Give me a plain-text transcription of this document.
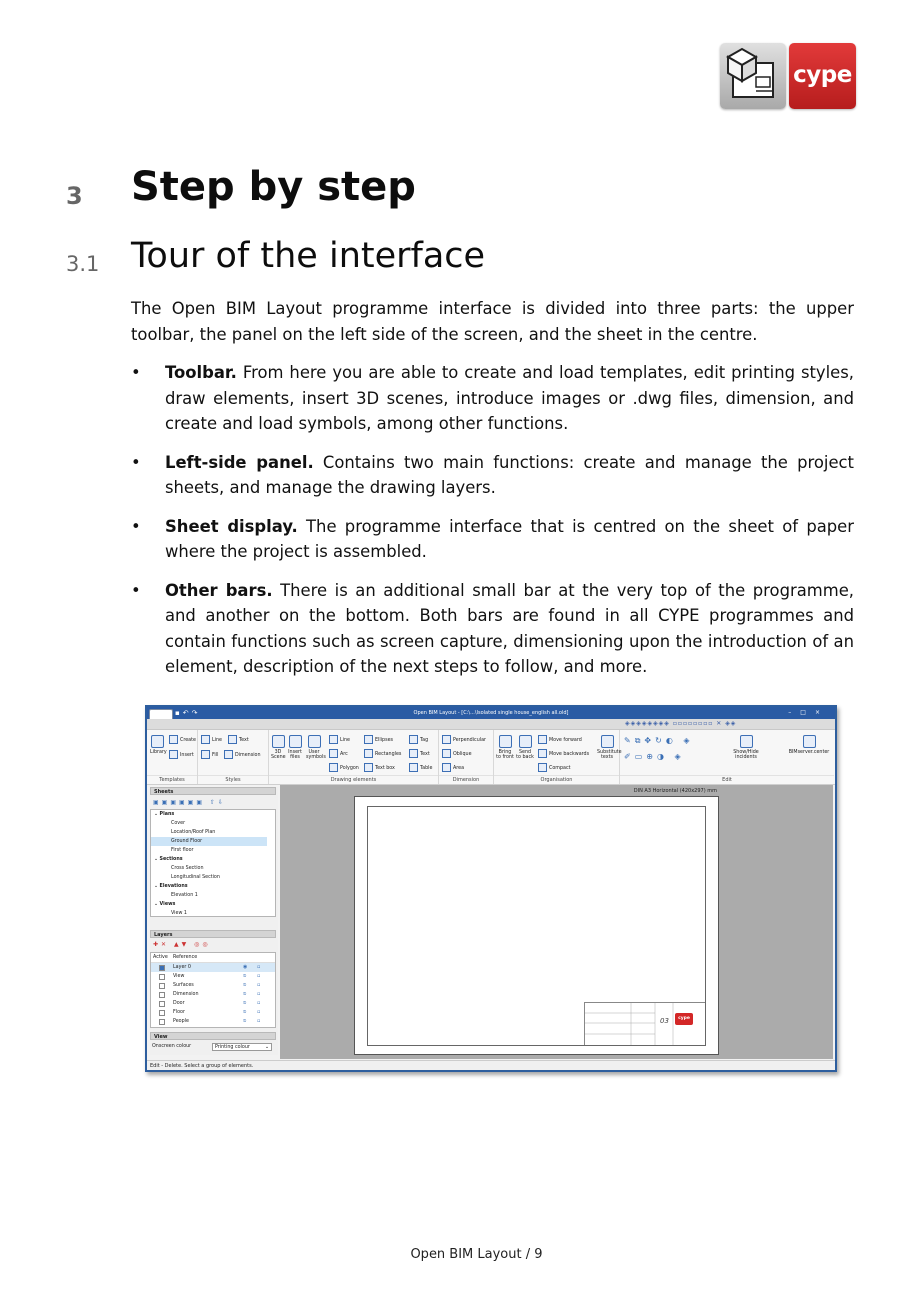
cype
3 Step by step
3.1 Tour of the interface

The Open BIM Layout programme interface is divided into three parts: the upper toolbar, the panel on the left side of the screen, and the sheet in the centre.

• Toolbar. From here you are able to create and load templates, edit printing styles, draw elements, insert 3D scenes, introduce images or .dwg files, dimension, and create and load symbols, among other functions.
• Left-side panel. Contains two main functions: create and manage the project sheets, and manage the drawing layers.
• Sheet display. The programme interface that is centred on the sheet of paper where the project is assembled.
• Other bars. There is an additional small bar at the very top of the programme, and another on the bottom. Both bars are found in all CYPE programmes and contain functions such as screen capture, dimensioning upon the introduction of an element, description of the next steps to follow, and more.
Open BIM Layout - [C:\...\Isolated single house_english all.old]
▪↶↷	–□×
◈◈◈◈◈◈◈◈ ▫▫▫▫▫▫▫▫ ✕ ◈◈
Library
Create
Insert
Templates
Line	Text
Fill	Dimension
Styles
3D Scene
Insert files
User symbols
Line
Arc
Polygon
Ellipses
Rectangles
Text box
Tag
Text
Table
Drawing elements
Perpendicular
Oblique
Area
Dimension
Bring to front
Send to back
Move forward
Move backwards
Compact
Substitute texts
Organisation
✎⧉✥↻◐ ◈
✐▭⊕◑ ◈	Show/Hide incidents
BIMserver.center
Edit
Sheets
▣▣▣▣▣▣ ⇧⇩
⌄ Plans
Cover
Location/Roof Plan
Ground Floor
First floor
⌄ Sections
Cross Section
Longitudinal Section
⌄ Elevations
Elevation 1
⌄ Views
View 1
Layers
✚✕ ▲▼ ◎◎
Active Reference
Layer 0	◉ ▫
View	⦸ ▫
Surfaces	⦸ ▫
Dimension	⦸ ▫
Door	⦸ ▫
Floor	⦸ ▫
People	⦸ ▫
View
Onscreen colour	Printing colour	⌄
DIN A3 Horizontal (420x297) mm
03	cype
Edit - Delete. Select a group of elements.
Open BIM Layout / 9
